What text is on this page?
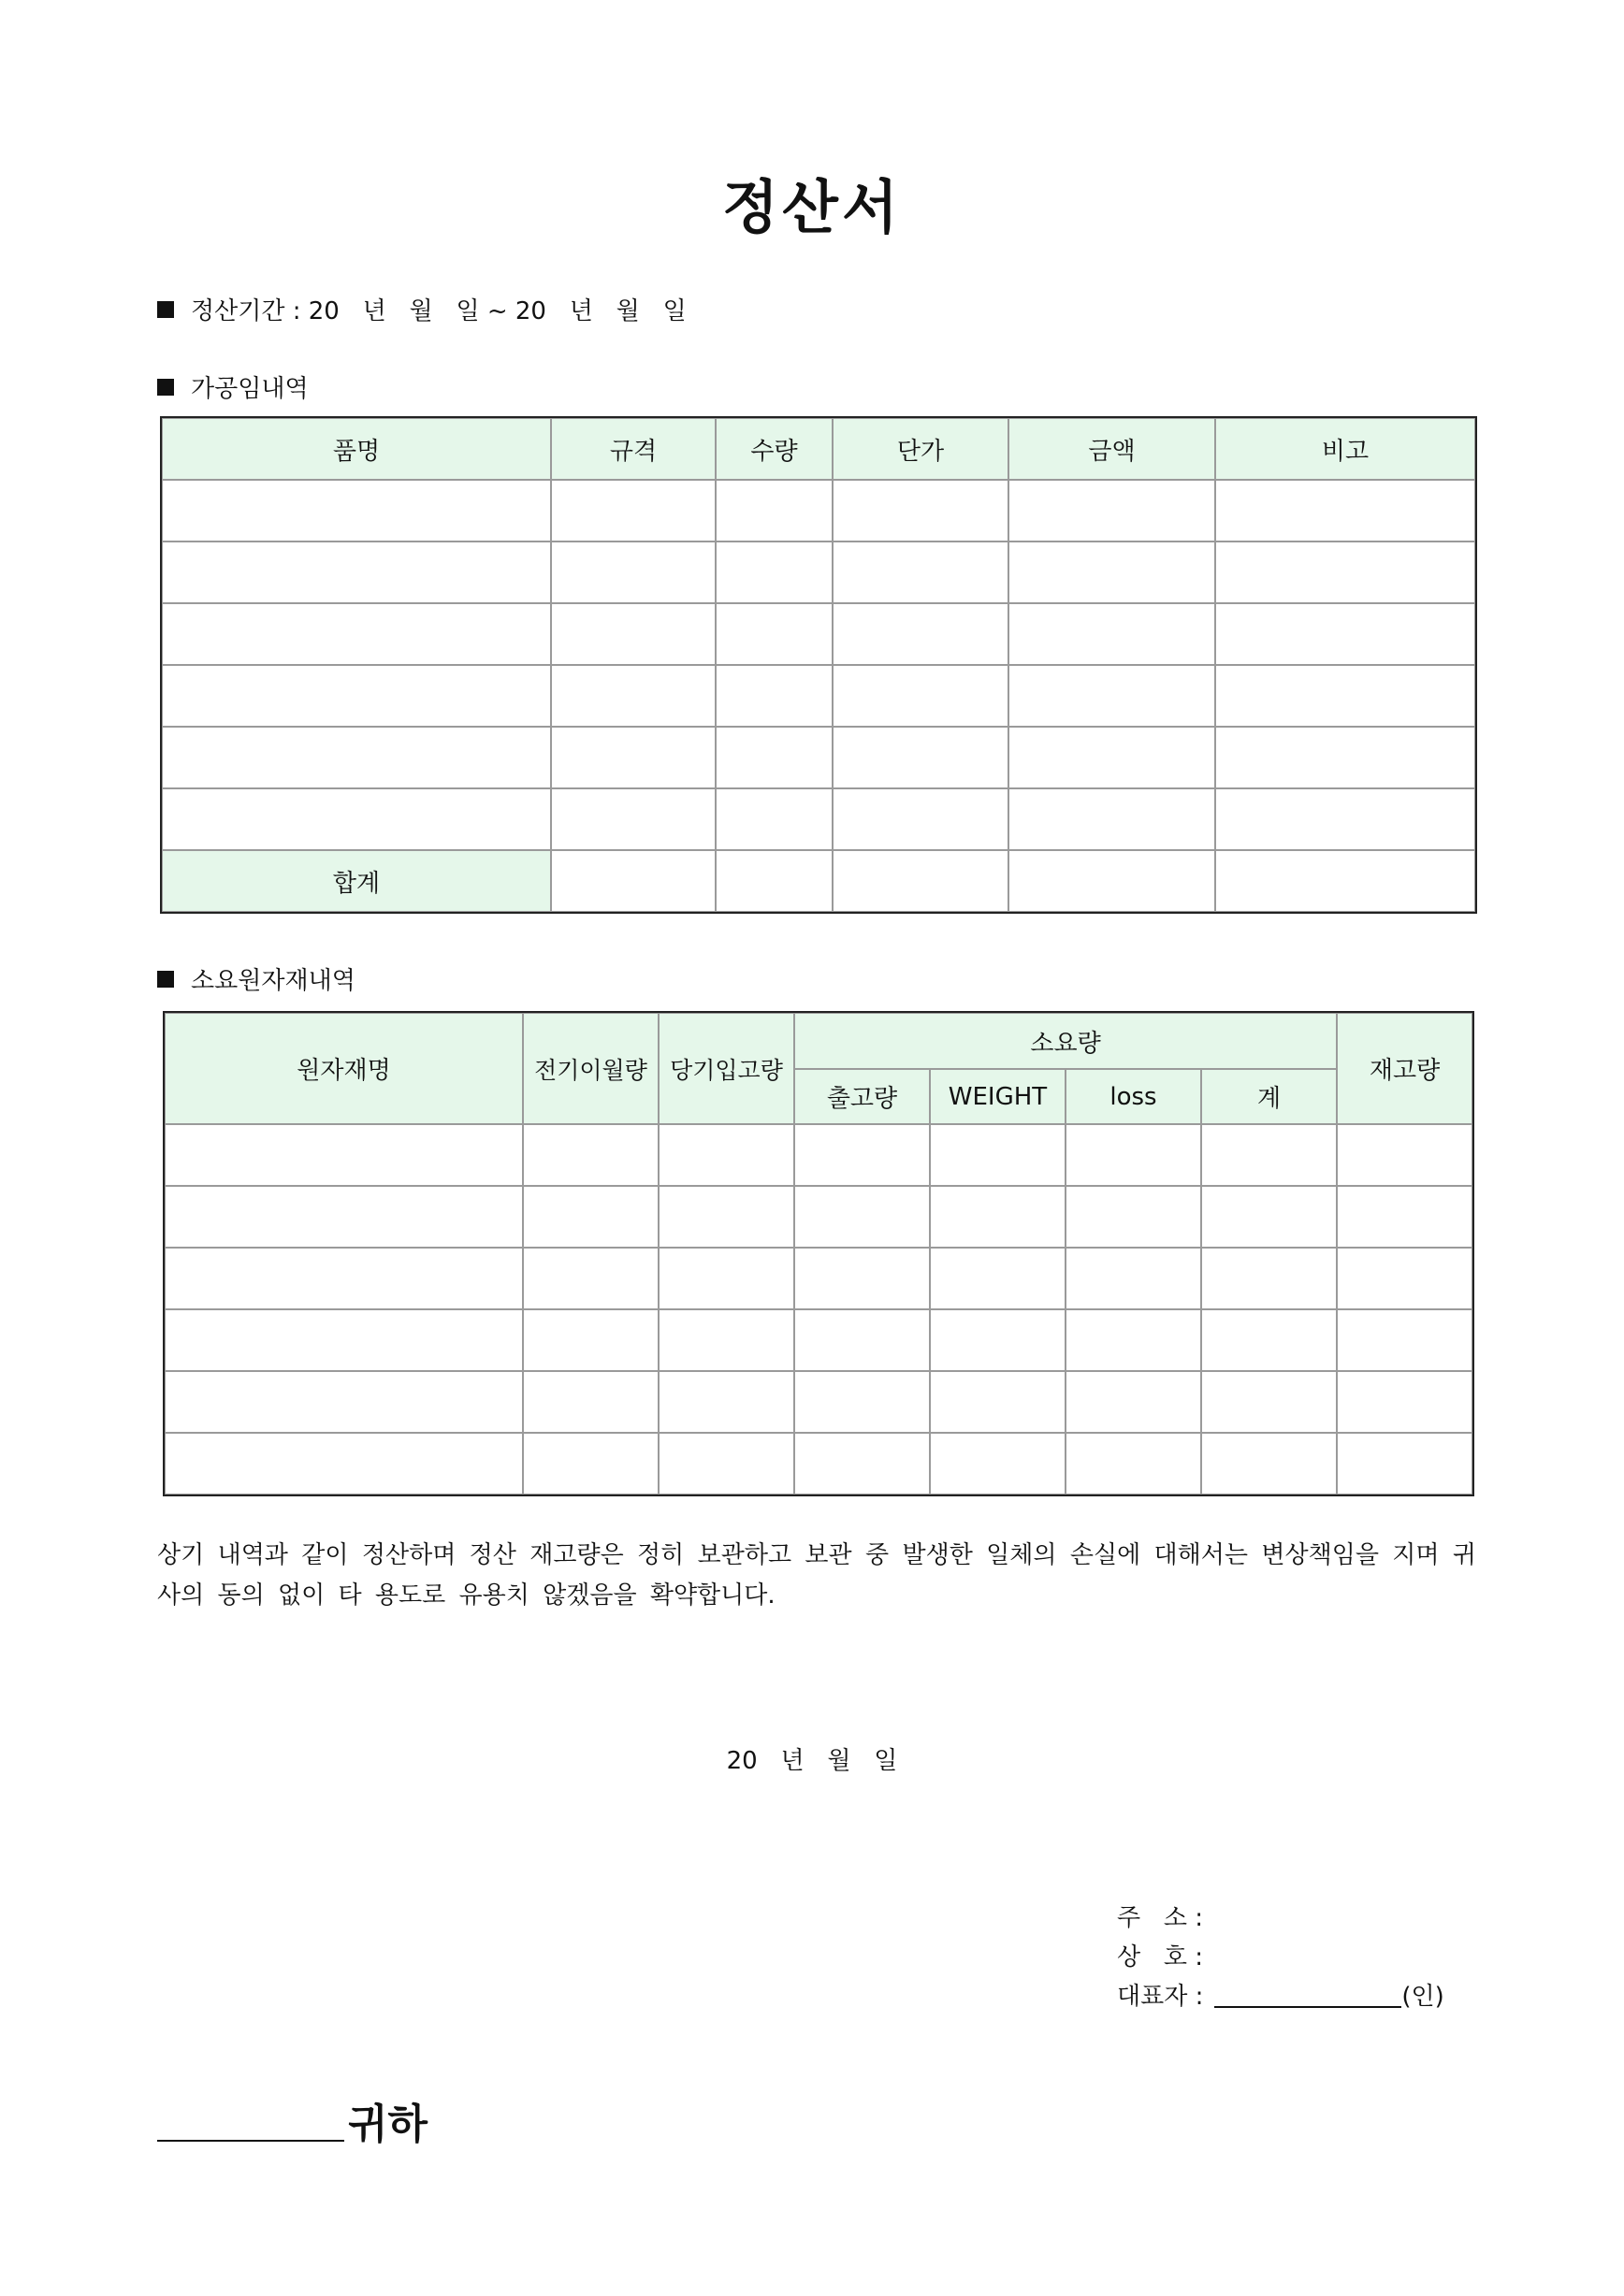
정산서
정산기간 : 20   년   월   일 ~ 20   년   월   일
가공임내역
품명	규격	수량	단가	금액	비고

합계					
소요원자재내역
원자재명	전기이월량	당기입고량	소요량				재고량
			출고량	WEIGHT	loss	계	

상기 내역과 같이 정산하며 정산 재고량은 정히 보관하고 보관 중 발생한 일체의 손실에 대해서는 변상책임을 지며 귀사의 동의 없이 타 용도로 유용치 않겠음을 확약합니다.
20   년   월   일
주   소 :
상   호 :
대표자 :	(인)
귀하
